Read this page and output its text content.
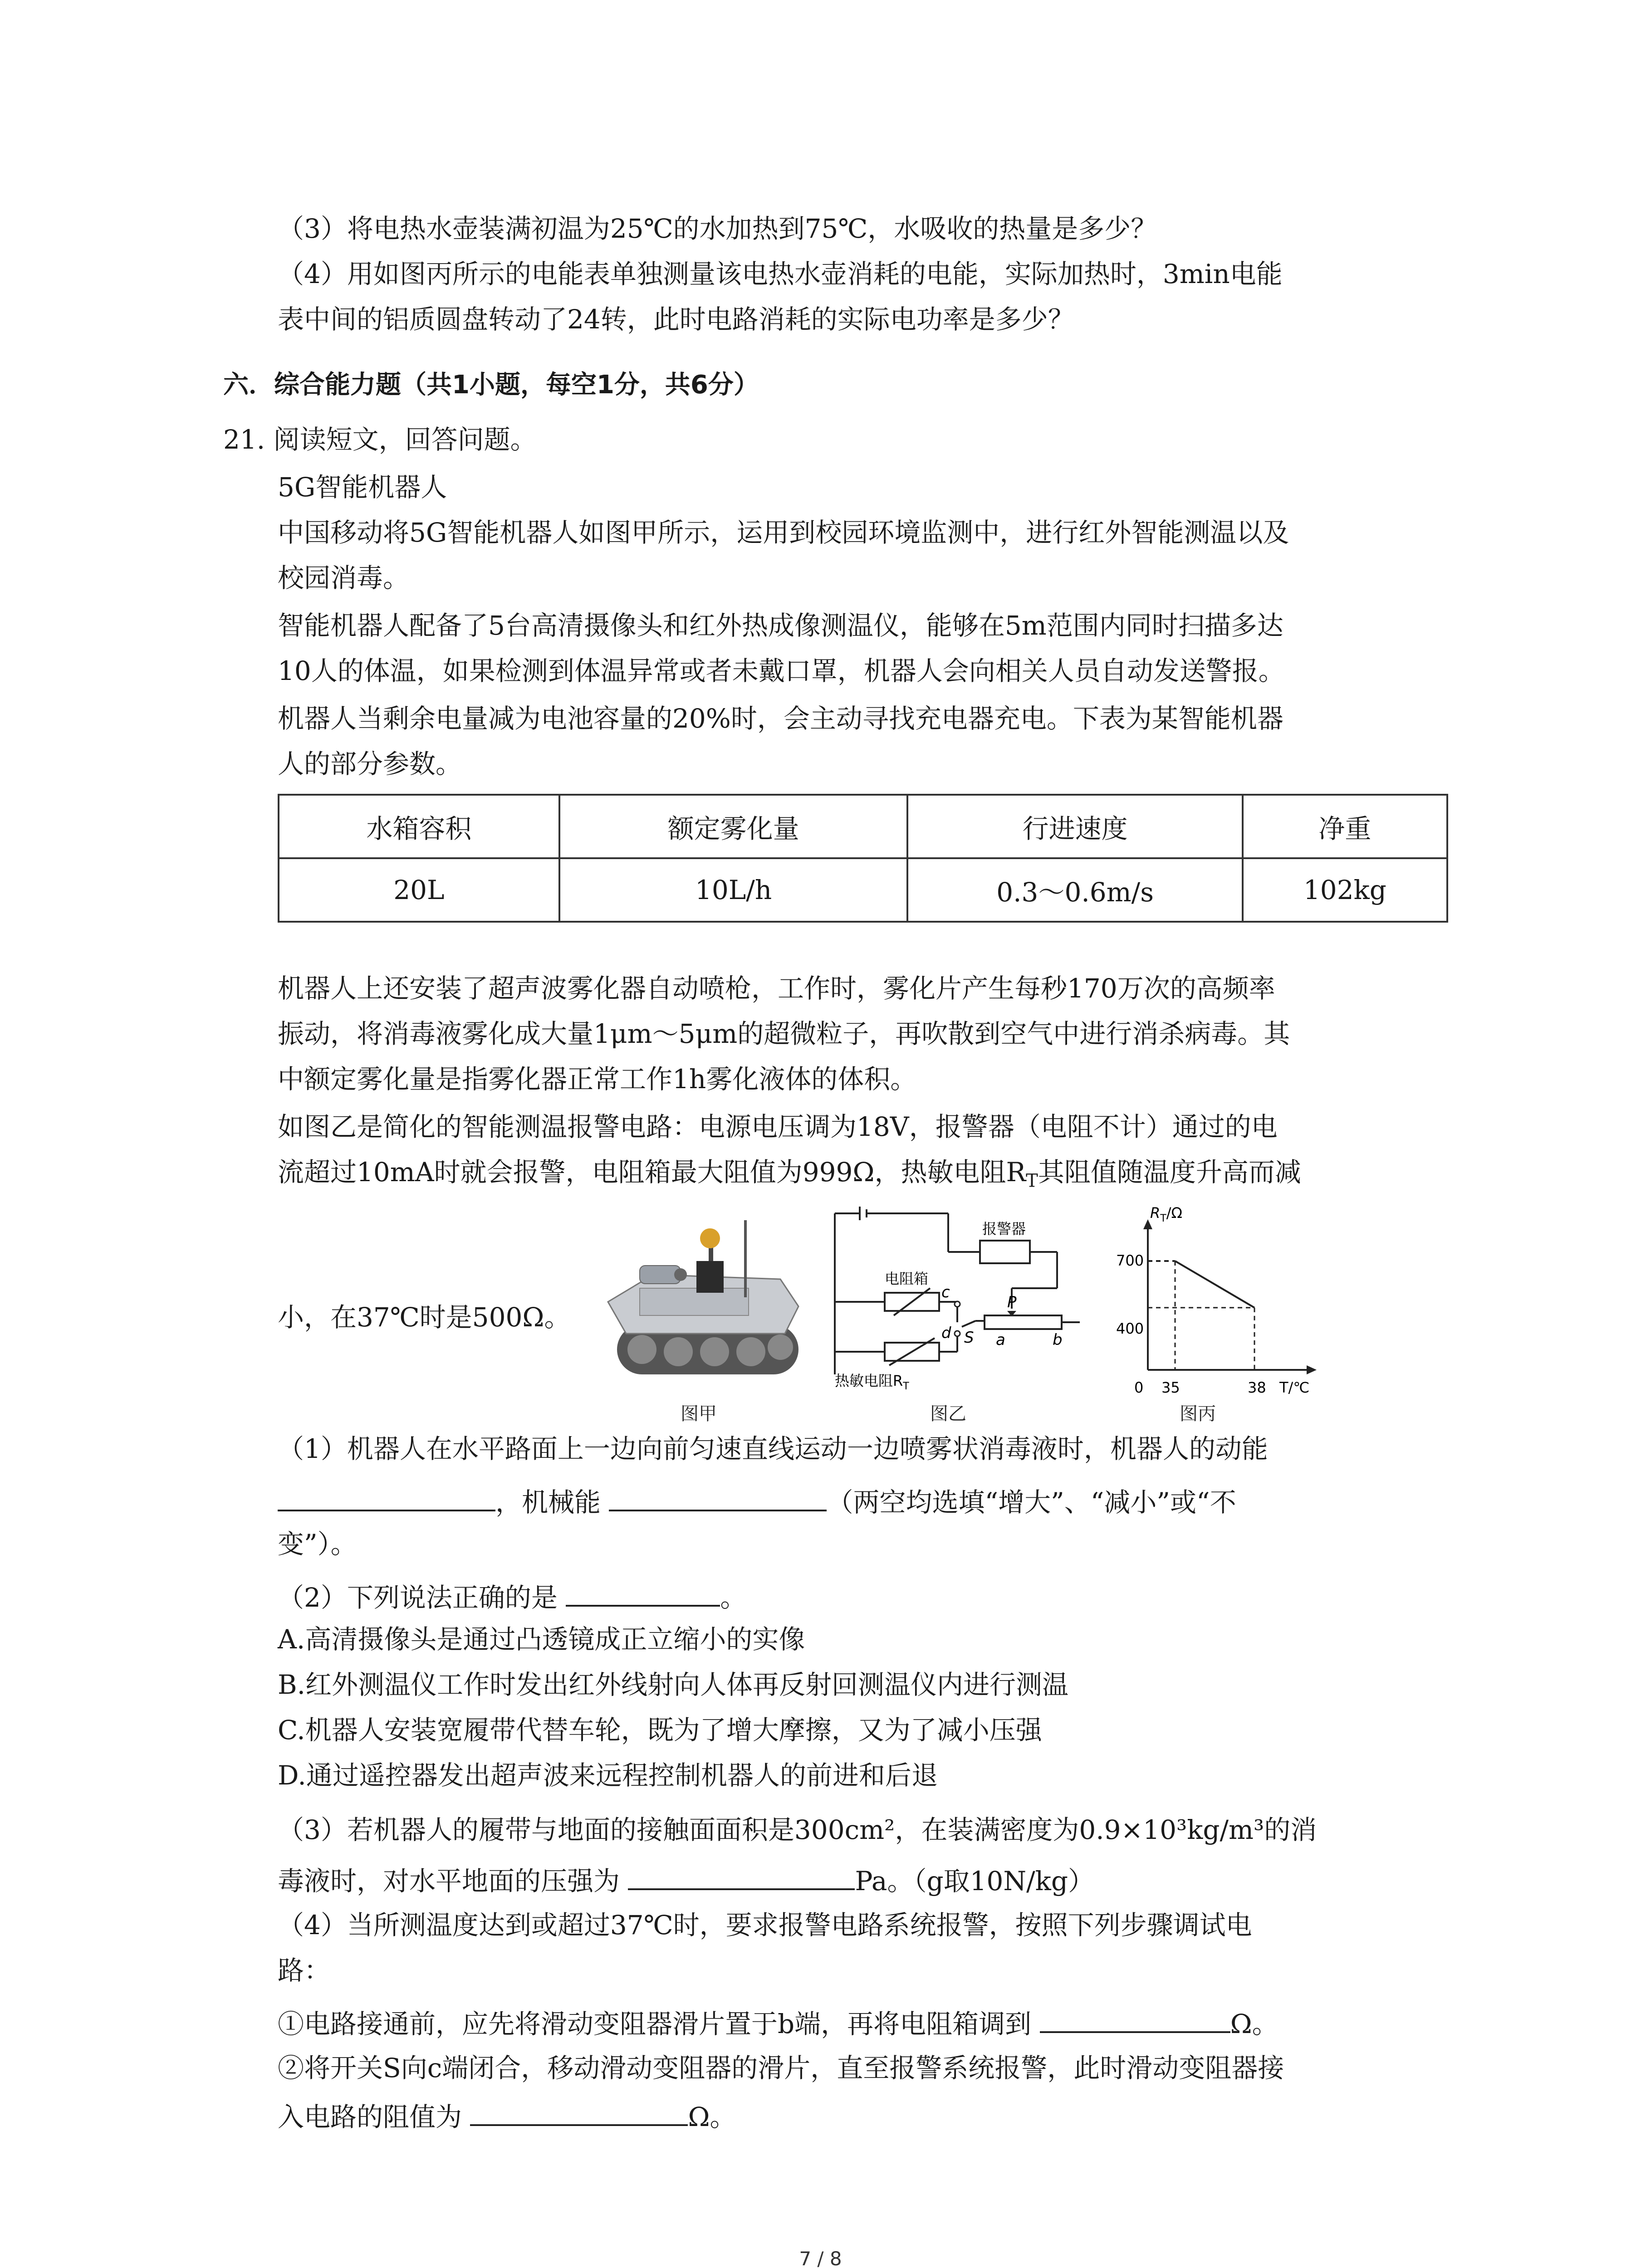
（3）将电热水壶装满初温为25℃的水加热到75℃，水吸收的热量是多少？
（4）用如图丙所示的电能表单独测量该电热水壶消耗的电能，实际加热时，3min电能
表中间的铝质圆盘转动了24转，此时电路消耗的实际电功率是多少？
六．综合能力题（共1小题，每空1分，共6分）
21. 阅读短文，回答问题。
5G智能机器人
中国移动将5G智能机器人如图甲所示，运用到校园环境监测中，进行红外智能测温以及
校园消毒。
智能机器人配备了5台高清摄像头和红外热成像测温仪，能够在5m范围内同时扫描多达
10人的体温，如果检测到体温异常或者未戴口罩，机器人会向相关人员自动发送警报。
机器人当剩余电量减为电池容量的20%时，会主动寻找充电器充电。下表为某智能机器
人的部分参数。
水箱容积	额定雾化量	行进速度	净重
20L	10L/h	0.3～0.6m/s	102kg
机器人上还安装了超声波雾化器自动喷枪，工作时，雾化片产生每秒170万次的高频率
振动，将消毒液雾化成大量1μm～5μm的超微粒子，再吹散到空气中进行消杀病毒。其
中额定雾化量是指雾化器正常工作1h雾化液体的体积。
如图乙是简化的智能测温报警电路：电源电压调为18V，报警器（电阻不计）通过的电
流超过10mA时就会报警，电阻箱最大阻值为999Ω，热敏电阻$R_T$其阻值随温度升高而减
小，在37℃时是500Ω。
图甲
报警器
电阻箱
c
d S
P
a	b
热敏电阻$R_T$
图乙
$R_T/\Omega$
T/℃
700
400
0 35	38
图丙
（1）机器人在水平路面上一边向前匀速直线运动一边喷雾状消毒液时，机器人的动能
，机械能	（两空均选填“增大”、“减小”或“不
变”）。
（2）下列说法正确的是	。
A.高清摄像头是通过凸透镜成正立缩小的实像
B.红外测温仪工作时发出红外线射向人体再反射回测温仪内进行测温
C.机器人安装宽履带代替车轮，既为了增大摩擦，又为了减小压强
D.通过遥控器发出超声波来远程控制机器人的前进和后退
（3）若机器人的履带与地面的接触面面积是300cm²，在装满密度为0.9×10³kg/m³的消
毒液时，对水平地面的压强为	Pa。（g取10N/kg）
（4）当所测温度达到或超过37℃时，要求报警电路系统报警，按照下列步骤调试电
路：
①电路接通前，应先将滑动变阻器滑片置于b端，再将电阻箱调到	Ω。
②将开关S向c端闭合，移动滑动变阻器的滑片，直至报警系统报警，此时滑动变阻器接
入电路的阻值为	Ω。
7 / 8
